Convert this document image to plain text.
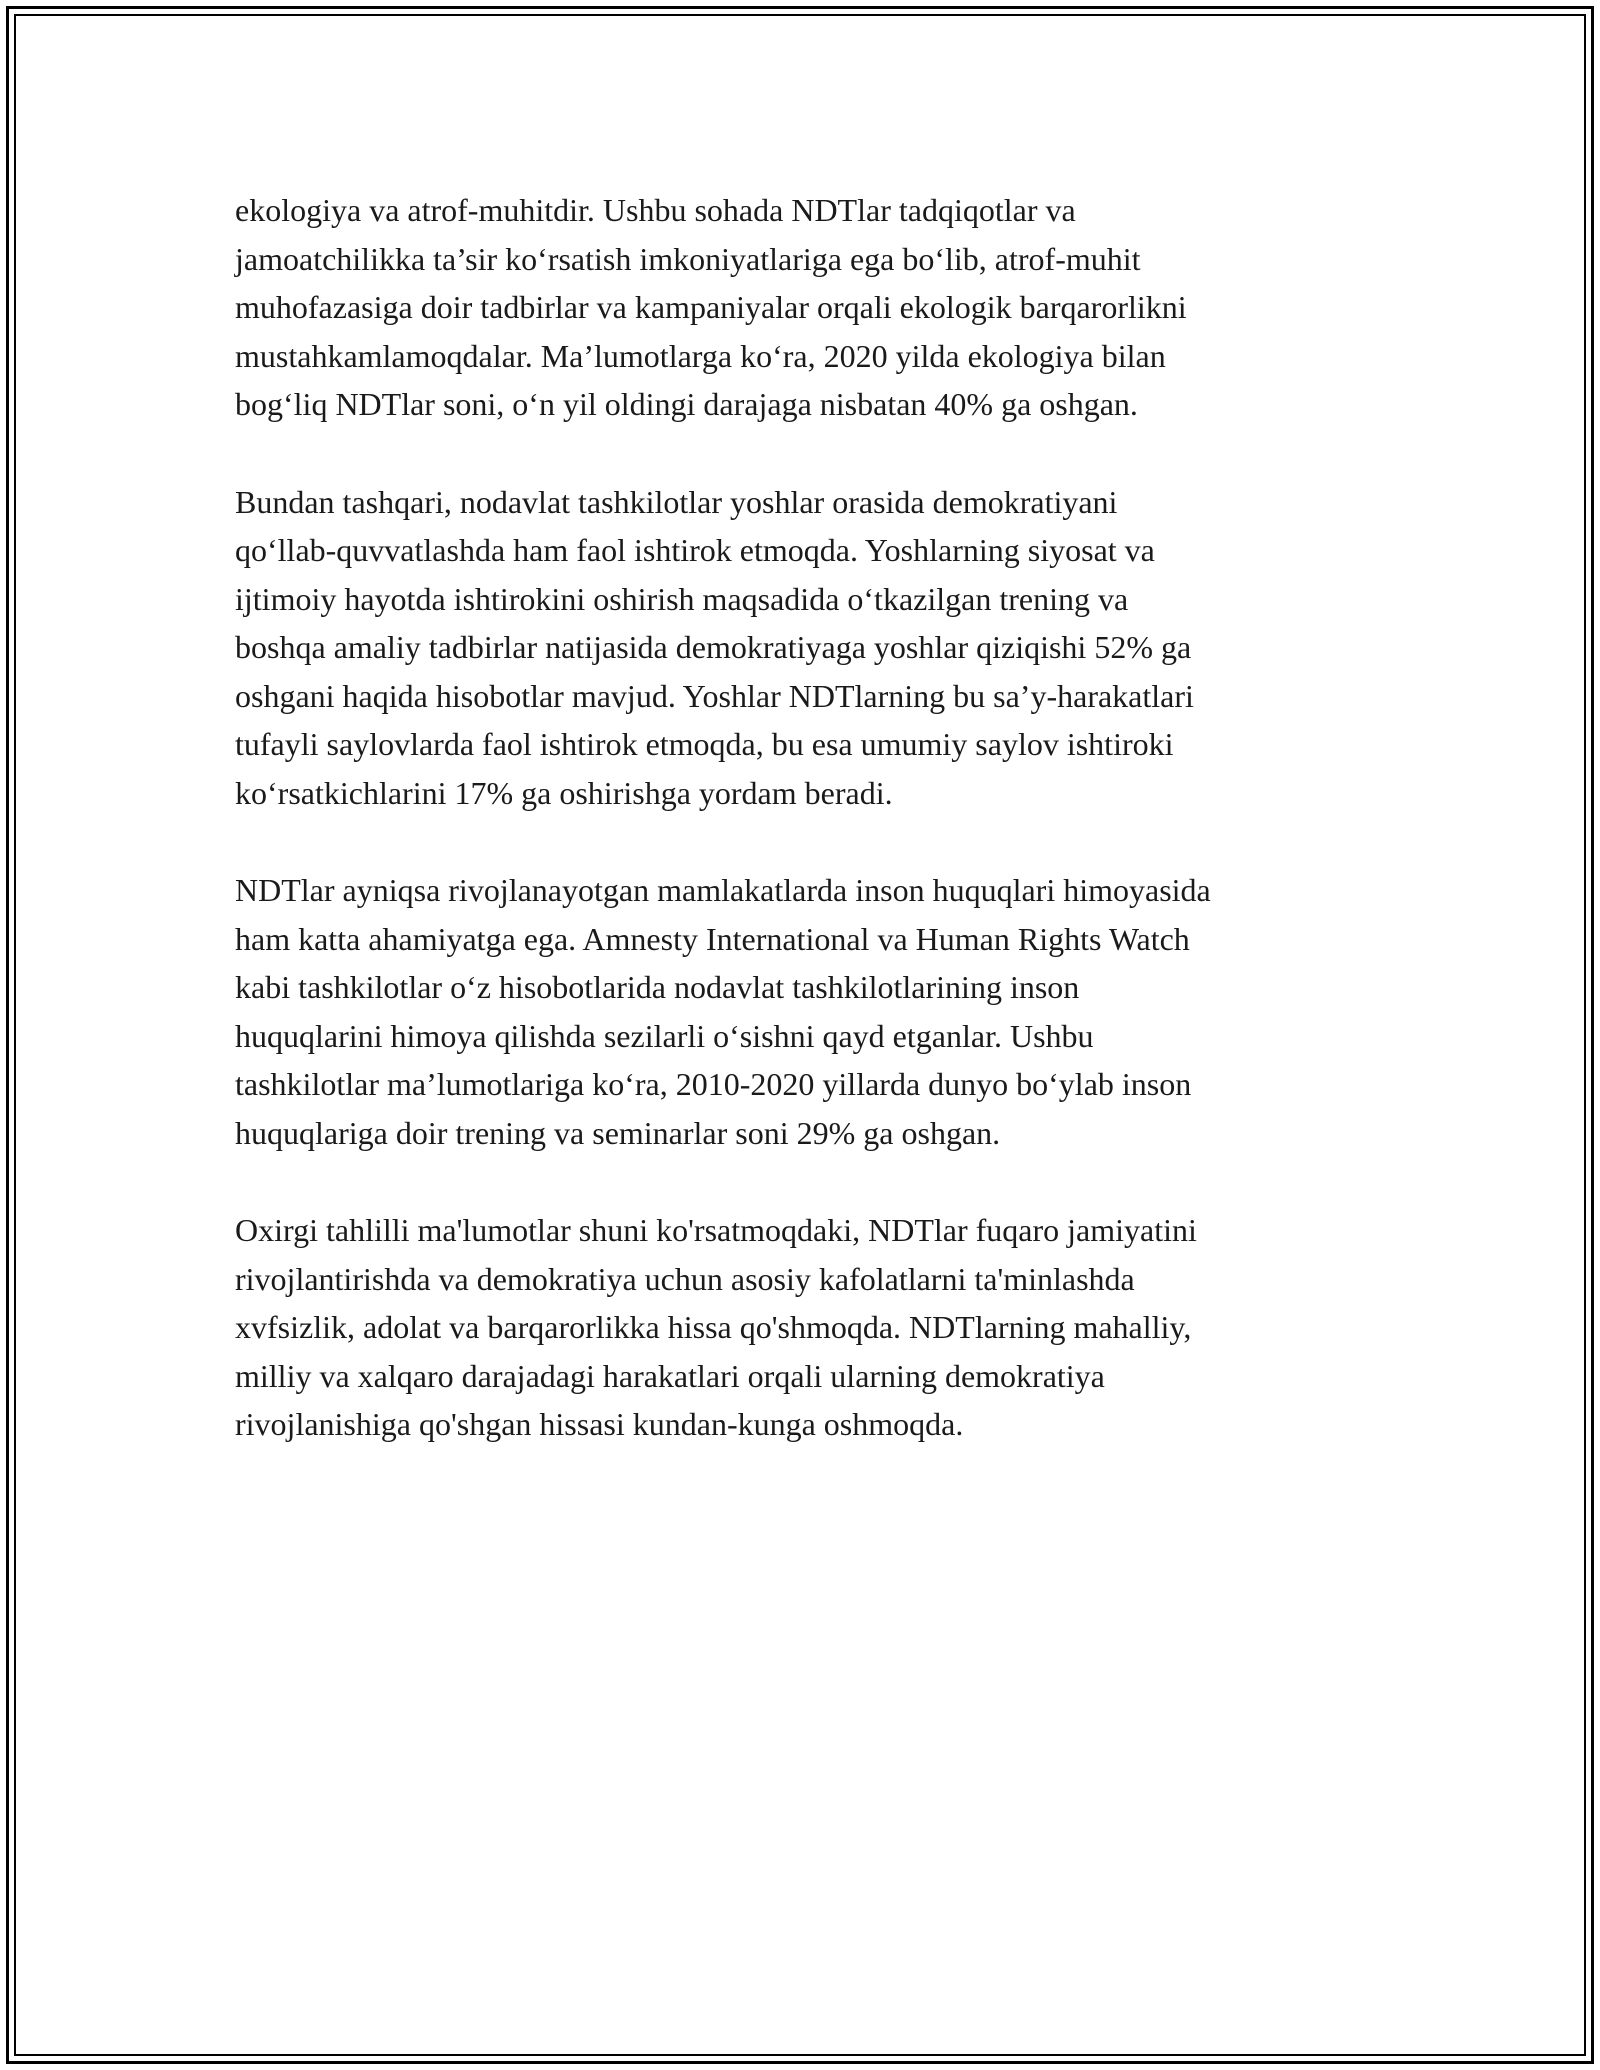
ekologiya va atrof-muhitdir. Ushbu sohada NDTlar tadqiqotlar va
jamoatchilikka ta’sir ko‘rsatish imkoniyatlariga ega bo‘lib, atrof-muhit
muhofazasiga doir tadbirlar va kampaniyalar orqali ekologik barqarorlikni
mustahkamlamoqdalar. Ma’lumotlarga ko‘ra, 2020 yilda ekologiya bilan
bog‘liq NDTlar soni, o‘n yil oldingi darajaga nisbatan 40% ga oshgan.

Bundan tashqari, nodavlat tashkilotlar yoshlar orasida demokratiyani
qo‘llab-quvvatlashda ham faol ishtirok etmoqda. Yoshlarning siyosat va
ijtimoiy hayotda ishtirokini oshirish maqsadida o‘tkazilgan trening va
boshqa amaliy tadbirlar natijasida demokratiyaga yoshlar qiziqishi 52% ga
oshgani haqida hisobotlar mavjud. Yoshlar NDTlarning bu sa’y-harakatlari
tufayli saylovlarda faol ishtirok etmoqda, bu esa umumiy saylov ishtiroki
ko‘rsatkichlarini 17% ga oshirishga yordam beradi.

NDTlar ayniqsa rivojlanayotgan mamlakatlarda inson huquqlari himoyasida
ham katta ahamiyatga ega. Amnesty International va Human Rights Watch
kabi tashkilotlar o‘z hisobotlarida nodavlat tashkilotlarining inson
huquqlarini himoya qilishda sezilarli o‘sishni qayd etganlar. Ushbu
tashkilotlar ma’lumotlariga ko‘ra, 2010-2020 yillarda dunyo bo‘ylab inson
huquqlariga doir trening va seminarlar soni 29% ga oshgan.

Oxirgi tahlilli ma'lumotlar shuni ko'rsatmoqdaki, NDTlar fuqaro jamiyatini
rivojlantirishda va demokratiya uchun asosiy kafolatlarni ta'minlashda
xvfsizlik, adolat va barqarorlikka hissa qo'shmoqda. NDTlarning mahalliy,
milliy va xalqaro darajadagi harakatlari orqali ularning demokratiya
rivojlanishiga qo'shgan hissasi kundan-kunga oshmoqda.
